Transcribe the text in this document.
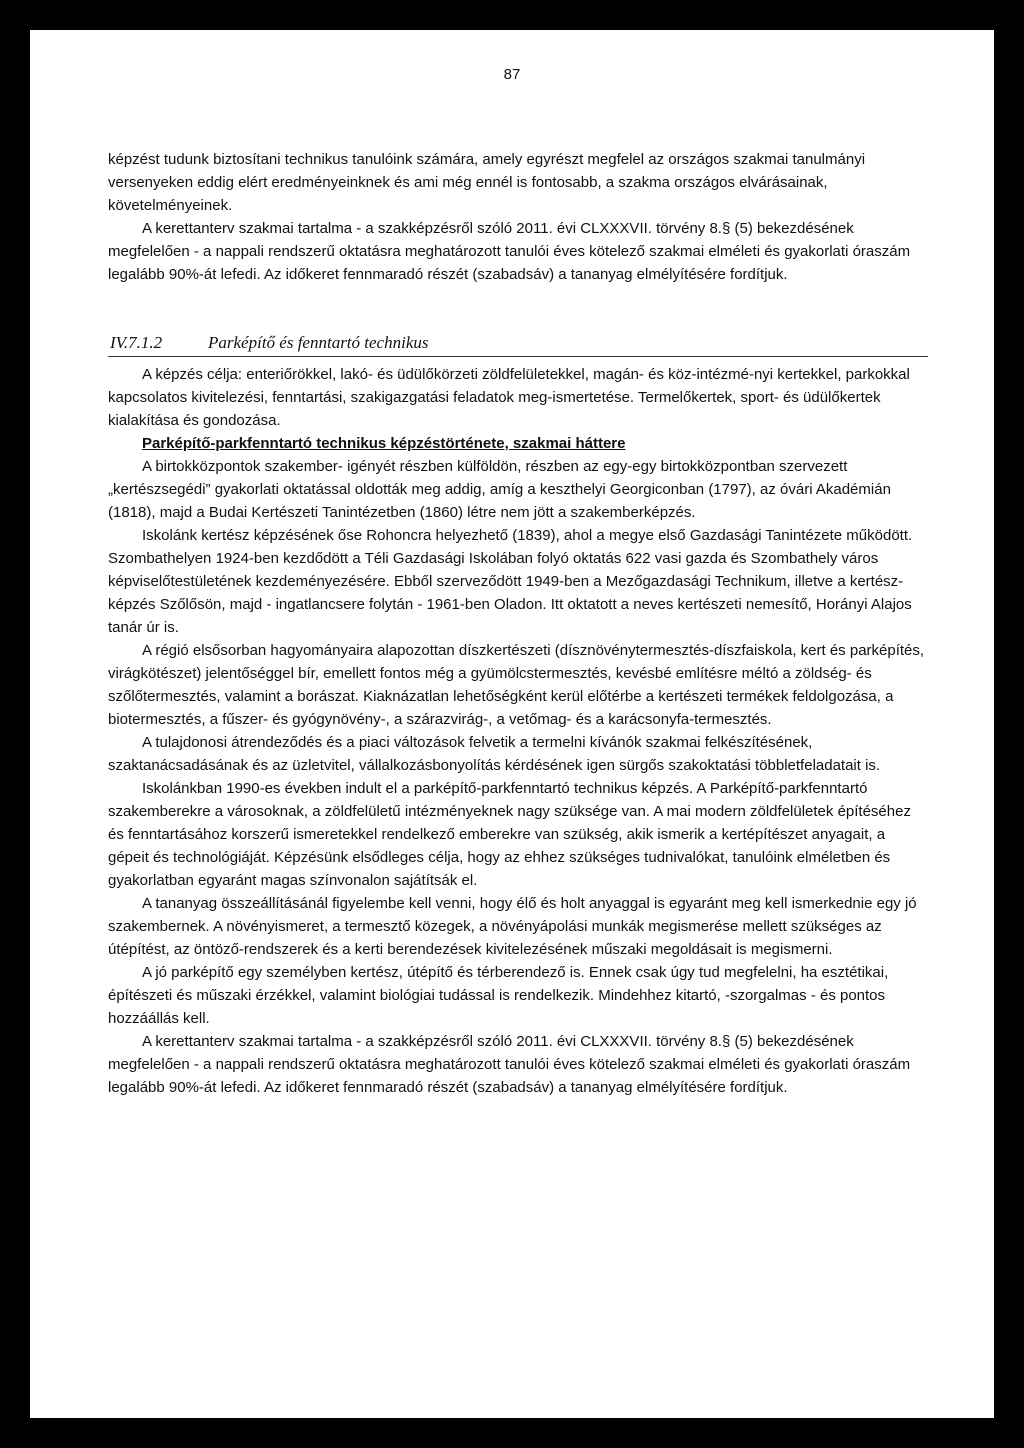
87

képzést tudunk biztosítani technikus tanulóink számára, amely egyrészt megfelel az országos szakmai tanulmányi versenyeken eddig elért eredményeinknek és ami még ennél is fontosabb, a szakma országos elvárásainak, követelményeinek.

A kerettanterv szakmai tartalma - a szakképzésről szóló 2011. évi CLXXXVII. törvény 8.§ (5) bekezdésének megfelelően - a nappali rendszerű oktatásra meghatározott tanulói éves kötelező szakmai elméleti és gyakorlati óraszám legalább 90%-át lefedi. Az időkeret fennmaradó részét (szabadsáv) a tananyag elmélyítésére fordítjuk.

IV.7.1.2	Parképítő és fenntartó technikus

A képzés célja: enteriőrökkel, lakó- és üdülőkörzeti zöldfelületekkel, magán- és köz-intézmé-nyi kertekkel, parkokkal kapcsolatos kivitelezési, fenntartási, szakigazgatási feladatok meg-ismertetése. Termelőkertek, sport- és üdülőkertek kialakítása és gondozása.

Parképítő-parkfenntartó technikus képzéstörténete, szakmai háttere

A birtokközpontok szakember- igényét részben külföldön, részben az egy-egy birtokközpontban szervezett „kertészsegédi” gyakorlati oktatással oldották meg addig, amíg a keszthelyi Georgiconban (1797), az óvári Akadémián (1818), majd a Budai Kertészeti Tanintézetben (1860) létre nem jött a szakemberképzés.

Iskolánk kertész képzésének őse Rohoncra helyezhető (1839), ahol a megye első Gazdasági Tanintézete működött. Szombathelyen 1924-ben kezdődött a Téli Gazdasági Iskolában folyó oktatás 622 vasi gazda és Szombathely város képviselőtestületének kezdeményezésére. Ebből szerveződött 1949-ben a Mezőgazdasági Technikum, illetve a kertész-képzés Szőlősön, majd - ingatlancsere folytán - 1961-ben Oladon. Itt oktatott a neves kertészeti nemesítő, Horányi Alajos tanár úr is.

A régió elsősorban hagyományaira alapozottan díszkertészeti (dísznövénytermesztés-díszfaiskola, kert és parképítés, virágkötészet) jelentőséggel bír, emellett fontos még a gyümölcstermesztés, kevésbé említésre méltó a zöldség- és szőlőtermesztés, valamint a borászat. Kiaknázatlan lehetőségként kerül előtérbe a kertészeti termékek feldolgozása, a biotermesztés, a fűszer- és gyógynövény-, a szárazvirág-, a vetőmag- és a karácsonyfa-termesztés.

A tulajdonosi átrendeződés és a piaci változások felvetik a termelni kívánók szakmai felkészítésének, szaktanácsadásának és az üzletvitel, vállalkozásbonyolítás kérdésének igen sürgős szakoktatási többletfeladatait is.

Iskolánkban 1990-es években indult el a parképítő-parkfenntartó technikus képzés. A Parképítő-parkfenntartó szakemberekre a városoknak, a zöldfelületű intézményeknek nagy szüksége van. A mai modern zöldfelületek építéséhez és fenntartásához korszerű ismeretekkel rendelkező emberekre van szükség, akik ismerik a kertépítészet anyagait, a gépeit és technológiáját. Képzésünk elsődleges célja, hogy az ehhez szükséges tudnivalókat, tanulóink elméletben és gyakorlatban egyaránt magas színvonalon sajátítsák el.

A tananyag összeállításánál figyelembe kell venni, hogy élő és holt anyaggal is egyaránt meg kell ismerkednie egy jó szakembernek. A növényismeret, a termesztő közegek, a növényápolási munkák megismerése mellett szükséges az útépítést, az öntöző-rendszerek és a kerti berendezések kivitelezésének műszaki megoldásait is megismerni.

A jó parképítő egy személyben kertész, útépítő és térberendező is. Ennek csak úgy tud megfelelni, ha esztétikai, építészeti és műszaki érzékkel, valamint biológiai tudással is rendelkezik. Mindehhez kitartó, -szorgalmas - és pontos hozzáállás kell.

A kerettanterv szakmai tartalma - a szakképzésről szóló 2011. évi CLXXXVII. törvény 8.§ (5) bekezdésének megfelelően - a nappali rendszerű oktatásra meghatározott tanulói éves kötelező szakmai elméleti és gyakorlati óraszám legalább 90%-át lefedi. Az időkeret fennmaradó részét (szabadsáv) a tananyag elmélyítésére fordítjuk.
